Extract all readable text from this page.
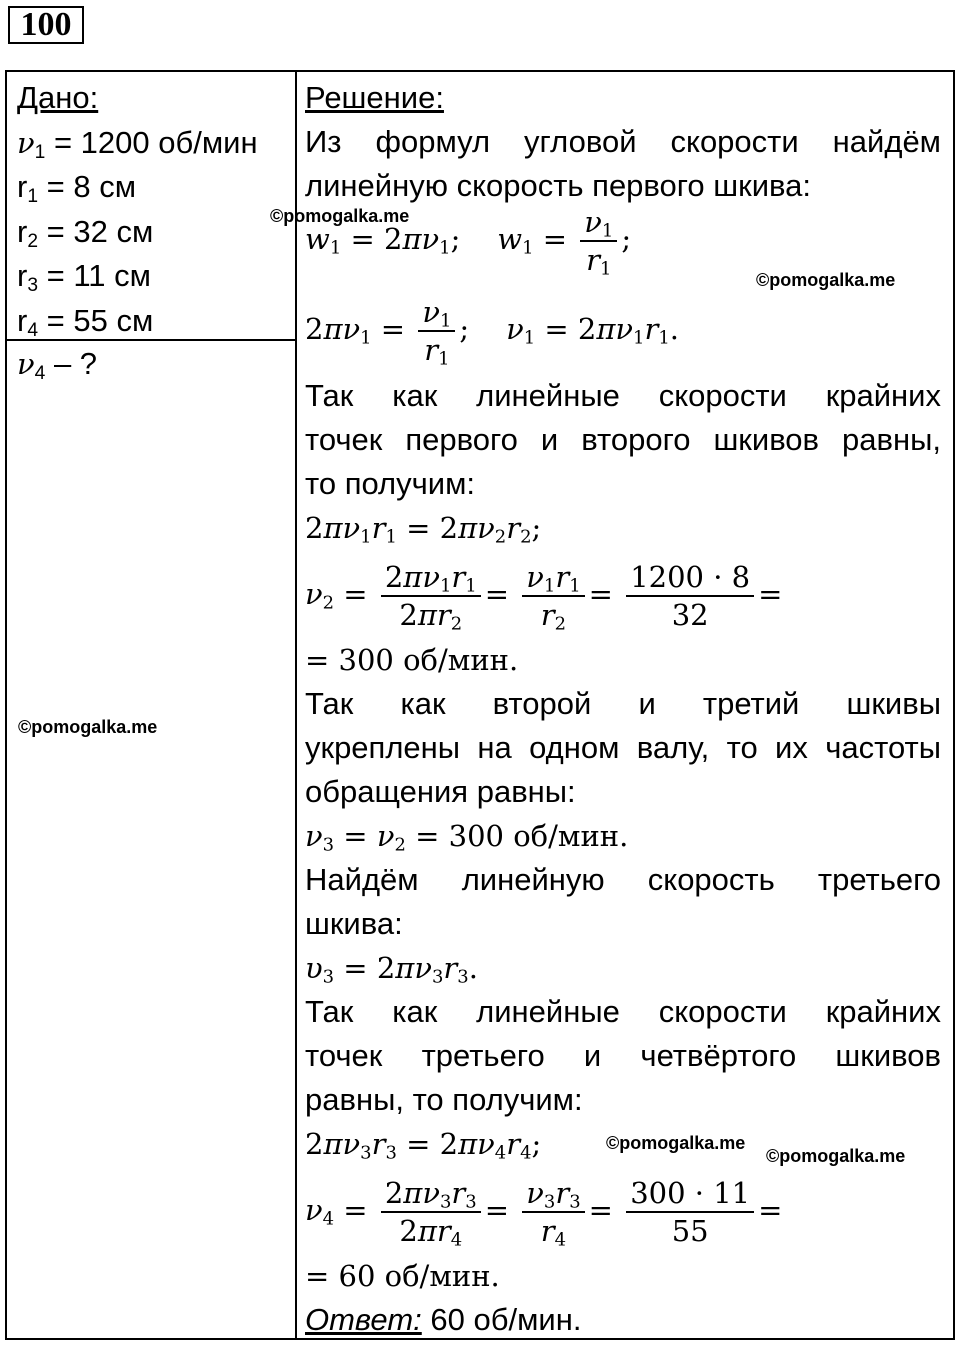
100
Дано:
$\nu_1 = 1200$ об/мин
$r_1 = 8$ см
$r_2 = 32$ см
$r_3 = 11$ см
$r_4 = 55$ см
$\nu_4$ – ?
Решение:
Из формул угловой скорости найдём
линейную скорость первого шкива:
$w_1 = 2\pi\nu_1$;    $w_1 = \frac{\nu_1}{r_1}$ ;
$2\pi\nu_1 = \frac{\nu_1}{r_1}$ ;    $\nu_1 = 2\pi\nu_1r_1$.
Так как линейные скорости крайних
точек первого и второго шкивов равны,
то получим:
$2\pi\nu_1r_1 = 2\pi\nu_2r_2$;
$\nu_2 = \frac{2\pi\nu_1r_1}{2\pi r_2} = \frac{\nu_1r_1}{r_2} = \frac{1200 \cdot 8}{32}$ =
= 300 об/мин.
Так как второй и третий шкивы
укреплены на одном валу, то их частоты
обращения равны:
$\nu_3 = \nu_2 = 300$ об/мин.
Найдём линейную скорость третьего
шкива:
$\upsilon_3 = 2\pi\nu_3r_3$.
Так как линейные скорости крайних
точек третьего и четвёртого шкивов
равны, то получим:
$2\pi\nu_3r_3 = 2\pi\nu_4r_4$;
$\nu_4 = \frac{2\pi\nu_3r_3}{2\pi r_4} = \frac{\nu_3r_3}{r_4} = \frac{300 \cdot 11}{55}$ =
= 60 об/мин.
Ответ: 60 об/мин.
©pomogalka.me
©pomogalka.me
©pomogalka.me
©pomogalka.me
©pomogalka.me
